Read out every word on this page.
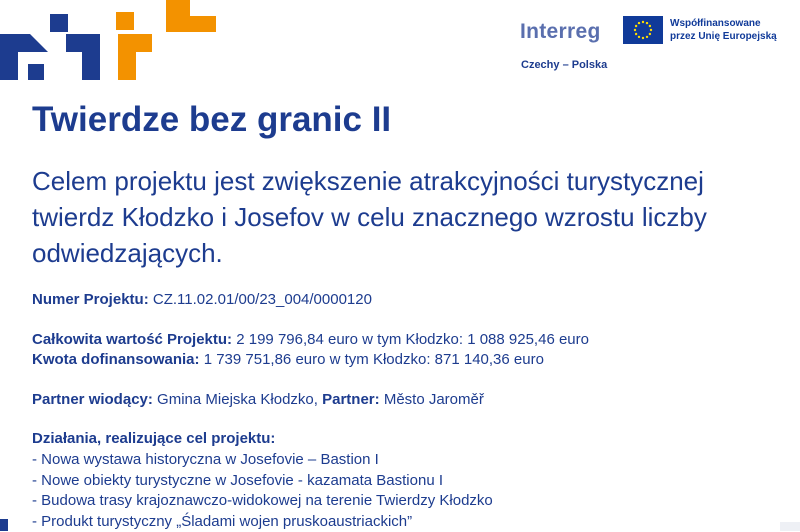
Interreg	Współfinansowane
przez Unię Europejską
Czechy – Polska
Twierdze bez granic II

Celem projektu jest zwiększenie atrakcyjności turystycznej twierdz Kłodzko i Josefov w celu znacznego wzrostu liczby odwiedzających.

Numer Projektu: CZ.11.02.01/00/23_004/0000120
Całkowita wartość Projektu: 2 199 796,84 euro w tym Kłodzko: 1 088 925,46 euro
Kwota dofinansowania: 1 739 751,86 euro w tym Kłodzko: 871 140,36 euro
Partner wiodący: Gmina Miejska Kłodzko, Partner: Město Jaroměř
Działania, realizujące cel projektu:
- Nowa wystawa historyczna w Josefovie – Bastion I
- Nowe obiekty turystyczne w Josefovie - kazamata Bastionu I
- Budowa trasy krajoznawczo-widokowej na terenie Twierdzy Kłodzko
- Produkt turystyczny „Śladami wojen pruskoaustriackich”
